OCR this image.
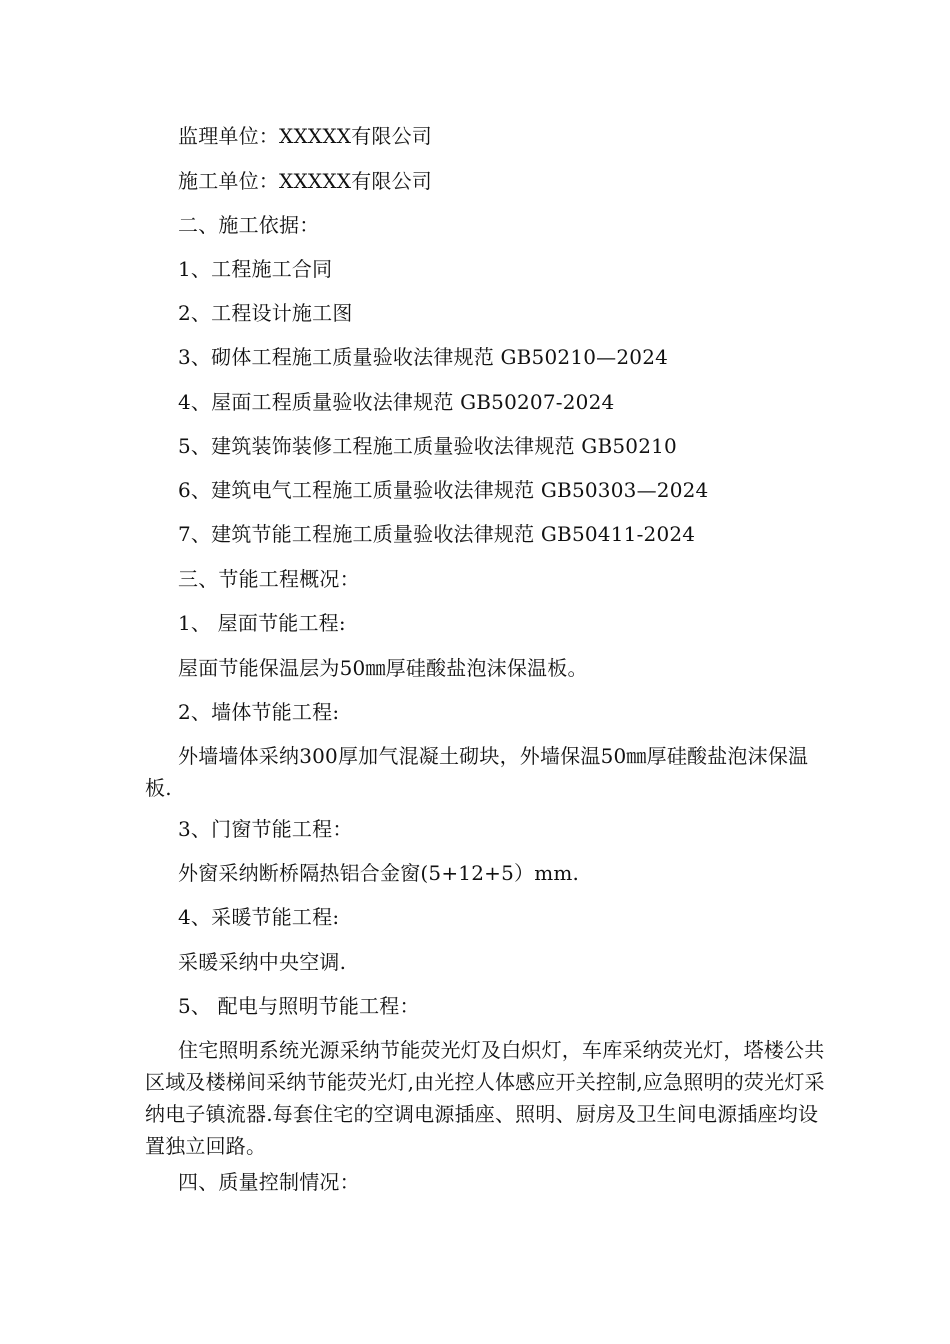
监理单位：XXXXX有限公司
施工单位：XXXXX有限公司
二、施工依据：
1、工程施工合同
2、工程设计施工图
3、砌体工程施工质量验收法律规范 GB50210—2024
4、屋面工程质量验收法律规范 GB50207-2024
5、建筑装饰装修工程施工质量验收法律规范 GB50210
6、建筑电气工程施工质量验收法律规范 GB50303—2024
7、建筑节能工程施工质量验收法律规范 GB50411-2024
三、节能工程概况：
1、 屋面节能工程:
屋面节能保温层为50㎜厚硅酸盐泡沫保温板。
2、墙体节能工程:
外墙墙体采纳300厚加气混凝土砌块，外墙保温50㎜厚硅酸盐泡沫保温板.
3、门窗节能工程：
外窗采纳断桥隔热铝合金窗(5+12+5）mm.
4、采暖节能工程:
采暖采纳中央空调.
5、 配电与照明节能工程：
住宅照明系统光源采纳节能荧光灯及白炽灯，车库采纳荧光灯，塔楼公共区域及楼梯间采纳节能荧光灯,由光控人体感应开关控制,应急照明的荧光灯采纳电子镇流器.每套住宅的空调电源插座、照明、厨房及卫生间电源插座均设置独立回路。
四、质量控制情况：
